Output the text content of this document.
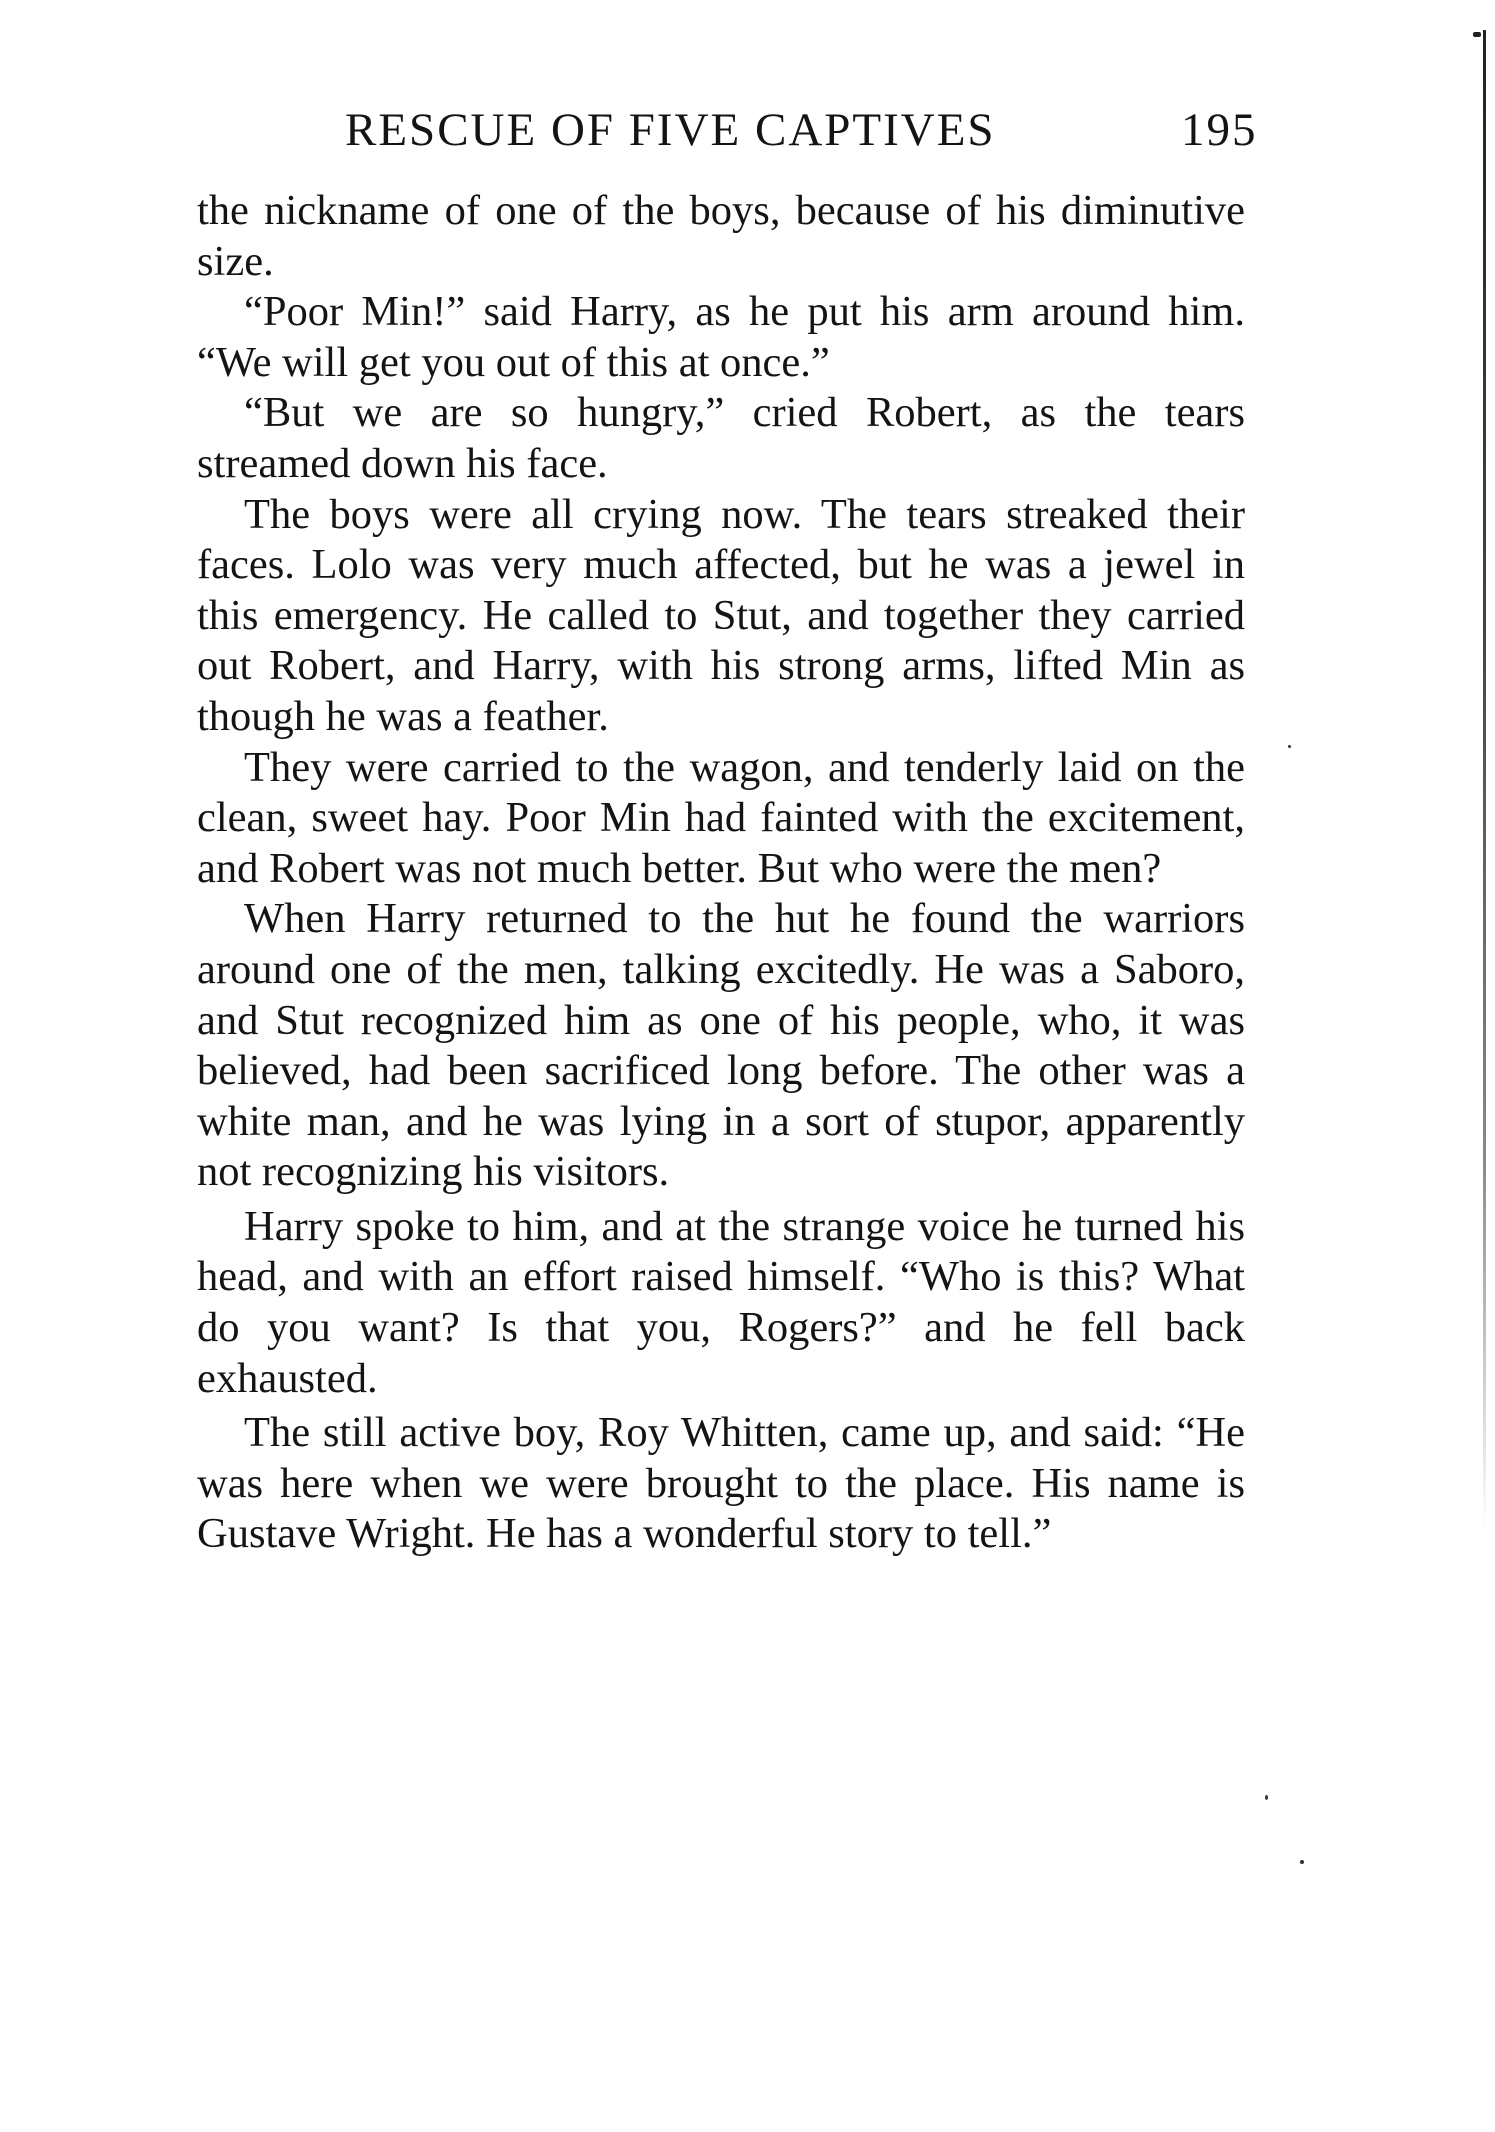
RESCUE OF FIVE CAPTIVES	195

the nickname of one of the boys, because of his diminutive size.

“Poor Min!” said Harry, as he put his arm around him. “We will get you out of this at once.”

“But we are so hungry,” cried Robert, as the tears streamed down his face.

The boys were all crying now. The tears streaked their faces. Lolo was very much affected, but he was a jewel in this emergency. He called to Stut, and together they carried out Robert, and Harry, with his strong arms, lifted Min as though he was a feather.

They were carried to the wagon, and tenderly laid on the clean, sweet hay. Poor Min had fainted with the excitement, and Robert was not much better. But who were the men?

When Harry returned to the hut he found the warriors around one of the men, talking excitedly. He was a Saboro, and Stut recognized him as one of his people, who, it was believed, had been sacrificed long before. The other was a white man, and he was lying in a sort of stupor, apparently not recognizing his visitors.

Harry spoke to him, and at the strange voice he turned his head, and with an effort raised himself. “Who is this? What do you want? Is that you, Rogers?” and he fell back exhausted.

The still active boy, Roy Whitten, came up, and said: “He was here when we were brought to the place. His name is Gustave Wright. He has a wonderful story to tell.”
